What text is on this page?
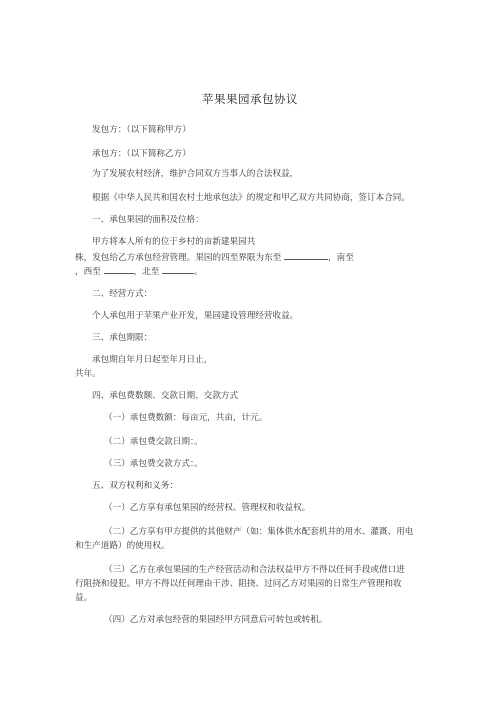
苹果果园承包协议
发包方：（以下简称甲方）
承包方：（以下简称乙方）
为了发展农村经济，维护合同双方当事人的合法权益，
根据《中华人民共和国农村土地承包法》的规定和甲乙双方共同协商，签订本合同。
一、承包果园的面积及位格：
甲方将本人所有的位于乡村的亩新建果园共
株，发包给乙方承包经营管理。果园的四至界限为东至	，南至
，西至	，北至	。
二、经营方式：
个人承包用于苹果产业开发，果园建设管理经营收益。
三、承包期限：
承包期自年月日起至年月日止，
共年。
四、承包费数额、交款日期、交款方式
（一）承包费数额：每亩元，共亩，计元。
（二）承包费交款日期：。
（三）承包费交款方式：。
五、双方权利和义务：
（一）乙方享有承包果园的经营权、管理权和收益权。
（二）乙方享有甲方提供的其他财产（如：集体供水配套机井的用水、灌溉、用电
和生产道路）的使用权。
（三）乙方在承包果园的生产经营活动和合法权益甲方不得以任何手段或借口进
行阻挠和侵犯。甲方不得以任何理由干涉、阻挠、过问乙方对果园的日常生产管理和收
益。
（四）乙方对承包经营的果园经甲方同意后可转包或转租。
